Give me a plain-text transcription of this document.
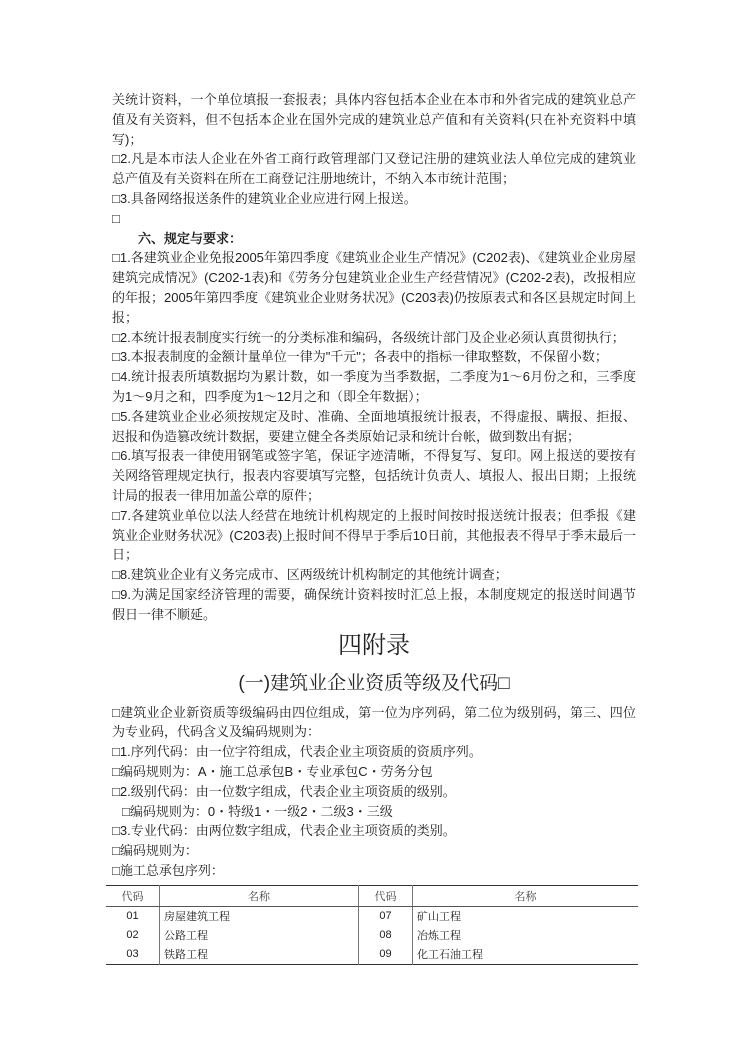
关统计资料，一个单位填报一套报表；具体内容包括本企业在本市和外省完成的建筑业总产值及有关资料，但不包括本企业在国外完成的建筑业总产值和有关资料(只在补充资料中填写)；

□2.凡是本市法人企业在外省工商行政管理部门又登记注册的建筑业法人单位完成的建筑业总产值及有关资料在所在工商登记注册地统计，不纳入本市统计范围；

□3.具备网络报送条件的建筑业企业应进行网上报送。

□

六、规定与要求：

□1.各建筑业企业免报2005年第四季度《建筑业企业生产情况》(C202表)、《建筑业企业房屋建筑完成情况》(C202-1表)和《劳务分包建筑业企业生产经营情况》(C202-2表)，改报相应的年报；2005年第四季度《建筑业企业财务状况》(C203表)仍按原表式和各区县规定时间上报；

□2.本统计报表制度实行统一的分类标准和编码，各级统计部门及企业必须认真贯彻执行；

□3.本报表制度的金额计量单位一律为"千元"；各表中的指标一律取整数，不保留小数；

□4.统计报表所填数据均为累计数，如一季度为当季数据，二季度为1～6月份之和，三季度为1～9月之和，四季度为1～12月之和（即全年数据）；

□5.各建筑业企业必须按规定及时、准确、全面地填报统计报表，不得虚报、瞒报、拒报、迟报和伪造篡改统计数据，要建立健全各类原始记录和统计台帐，做到数出有据；

□6.填写报表一律使用钢笔或签字笔，保证字迹清晰，不得复写、复印。网上报送的要按有关网络管理规定执行，报表内容要填写完整，包括统计负责人、填报人、报出日期；上报统计局的报表一律用加盖公章的原件；

□7.各建筑业单位以法人经营在地统计机构规定的上报时间按时报送统计报表；但季报《建筑业企业财务状况》(C203表)上报时间不得早于季后10日前，其他报表不得早于季末最后一日；

□8.建筑业企业有义务完成市、区两级统计机构制定的其他统计调查；

□9.为满足国家经济管理的需要，确保统计资料按时汇总上报，本制度规定的报送时间遇节假日一律不顺延。

四附录
(一)建筑业企业资质等级及代码□

□建筑业企业新资质等级编码由四位组成，第一位为序列码，第二位为级别码，第三、四位为专业码，代码含义及编码规则为：

□1.序列代码：由一位字符组成，代表企业主项资质的资质序列。

□编码规则为：A・施工总承包B・专业承包C・劳务分包

□2.级别代码：由一位数字组成，代表企业主项资质的级别。

□编码规则为：0・特级1・一级2・二级3・三级

□3.专业代码：由两位数字组成，代表企业主项资质的类别。

□编码规则为：

□施工总承包序列：

代码	名称	代码	名称
01	房屋建筑工程	07	矿山工程
02	公路工程	08	冶炼工程
03	铁路工程	09	化工石油工程
